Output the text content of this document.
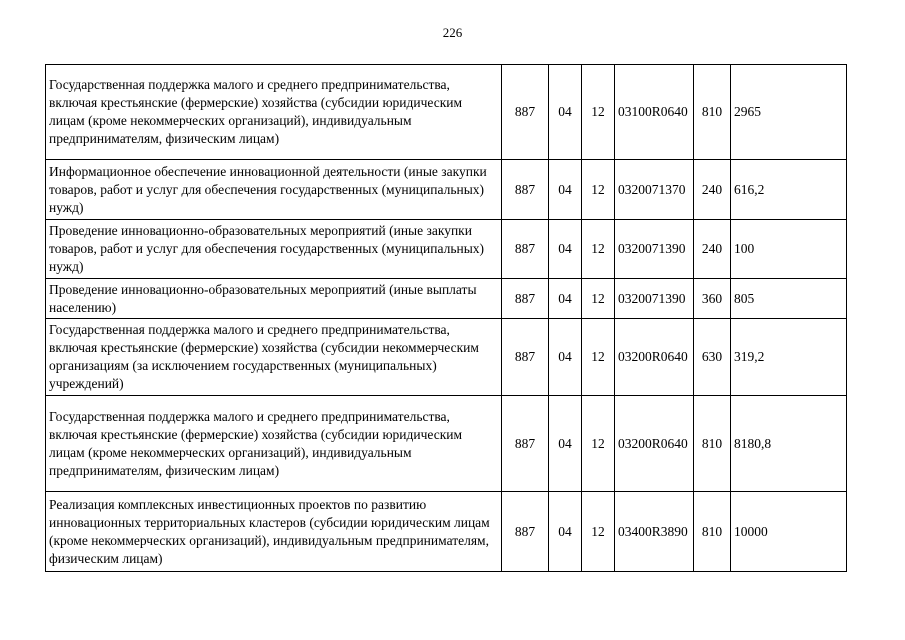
226
Государственная поддержка малого и среднего предпринимательства, включая крестьянские (фермерские) хозяйства (субсидии юридическим лицам (кроме некоммерческих организаций), индивидуальным предпринимателям, физическим лицам)	887	04	12	03100R0640	810	2965
Информационное обеспечение инновационной деятельности (иные закупки товаров, работ и услуг для обеспечения государственных (муниципальных) нужд)	887	04	12	0320071370	240	616,2
Проведение инновационно-образовательных мероприятий (иные закупки товаров, работ и услуг для обеспечения государственных (муниципальных) нужд)	887	04	12	0320071390	240	100
Проведение инновационно-образовательных мероприятий (иные выплаты населению)	887	04	12	0320071390	360	805
Государственная поддержка малого и среднего предпринимательства, включая крестьянские (фермерские) хозяйства (субсидии некоммерческим организациям (за исключением государственных (муниципальных) учреждений)	887	04	12	03200R0640	630	319,2
Государственная поддержка малого и среднего предпринимательства, включая крестьянские (фермерские) хозяйства (субсидии юридическим лицам (кроме некоммерческих организаций), индивидуальным предпринимателям, физическим лицам)	887	04	12	03200R0640	810	8180,8
Реализация комплексных инвестиционных проектов по развитию инновационных территориальных кластеров (субсидии юридическим лицам (кроме некоммерческих организаций), индивидуальным предпринимателям, физическим лицам)	887	04	12	03400R3890	810	10000
